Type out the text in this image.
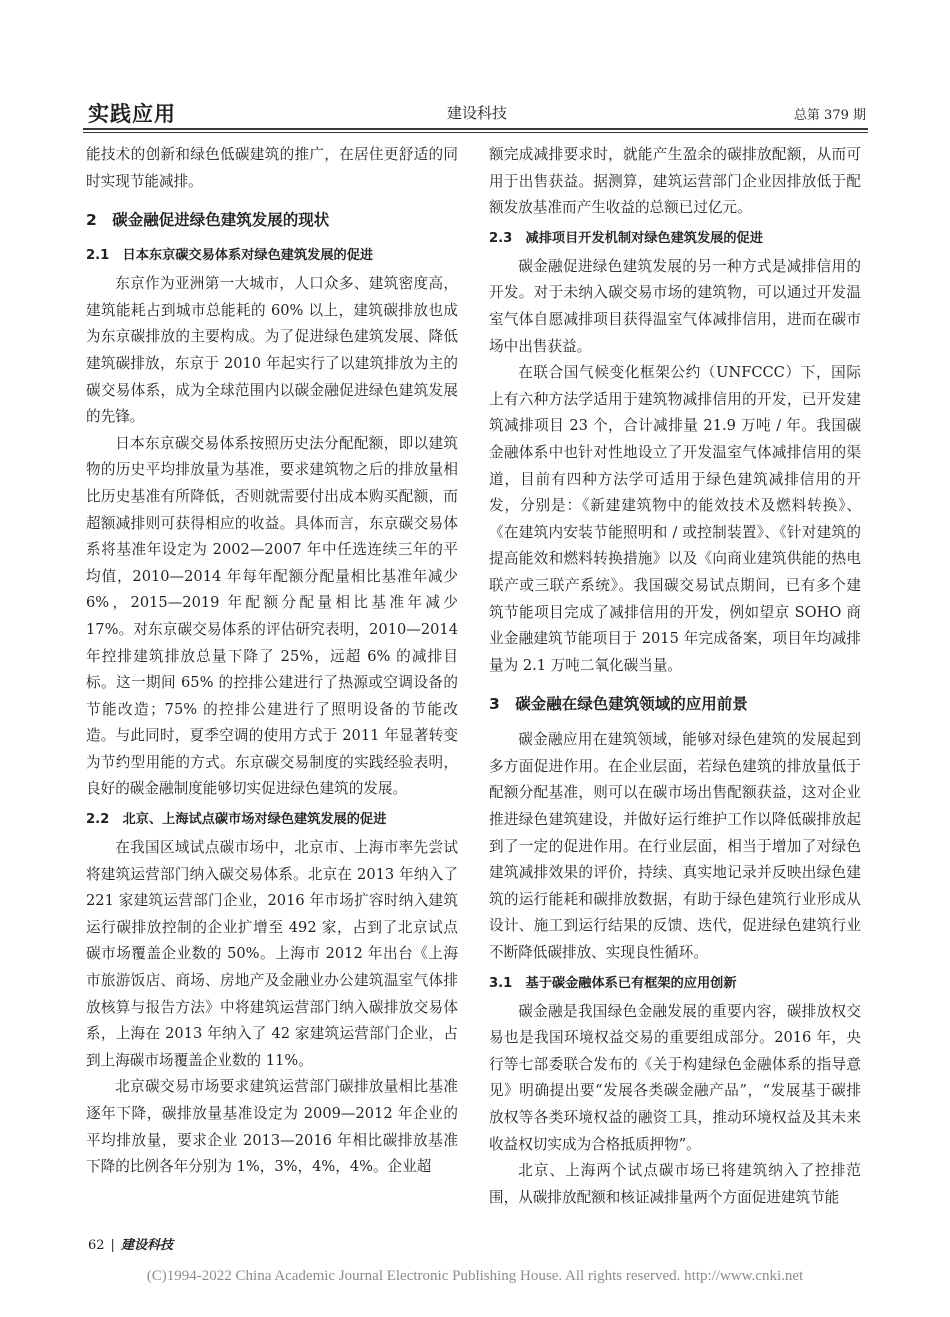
实践应用	建设科技	总第 379 期

能技术的创新和绿色低碳建筑的推广，在居住更舒适的同时实现节能减排。

2　碳金融促进绿色建筑发展的现状
2.1　日本东京碳交易体系对绿色建筑发展的促进

东京作为亚洲第一大城市，人口众多、建筑密度高，建筑能耗占到城市总能耗的 60% 以上，建筑碳排放也成为东京碳排放的主要构成。为了促进绿色建筑发展、降低建筑碳排放，东京于 2010 年起实行了以建筑排放为主的碳交易体系，成为全球范围内以碳金融促进绿色建筑发展的先锋。

日本东京碳交易体系按照历史法分配配额，即以建筑物的历史平均排放量为基准，要求建筑物之后的排放量相比历史基准有所降低，否则就需要付出成本购买配额，而超额减排则可获得相应的收益。具体而言，东京碳交易体系将基准年设定为 2002—2007 年中任选连续三年的平均值，2010—2014 年每年配额分配量相比基准年减少 6%，2015—2019 年配额分配量相比基准年减少 17%。对东京碳交易体系的评估研究表明，2010—2014 年控排建筑排放总量下降了 25%，远超 6% 的减排目标。这一期间 65% 的控排公建进行了热源或空调设备的节能改造；75% 的控排公建进行了照明设备的节能改造。与此同时，夏季空调的使用方式于 2011 年显著转变为节约型用能的方式。东京碳交易制度的实践经验表明，良好的碳金融制度能够切实促进绿色建筑的发展。

2.2　北京、上海试点碳市场对绿色建筑发展的促进

在我国区域试点碳市场中，北京市、上海市率先尝试将建筑运营部门纳入碳交易体系。北京在 2013 年纳入了 221 家建筑运营部门企业，2016 年市场扩容时纳入建筑运行碳排放控制的企业扩增至 492 家，占到了北京试点碳市场覆盖企业数的 50%。上海市 2012 年出台《上海市旅游饭店、商场、房地产及金融业办公建筑温室气体排放核算与报告方法》中将建筑运营部门纳入碳排放交易体系，上海在 2013 年纳入了 42 家建筑运营部门企业，占到上海碳市场覆盖企业数的 11%。

北京碳交易市场要求建筑运营部门碳排放量相比基准逐年下降，碳排放量基准设定为 2009—2012 年企业的平均排放量，要求企业 2013—2016 年相比碳排放基准下降的比例各年分别为 1%，3%，4%，4%。企业超

额完成减排要求时，就能产生盈余的碳排放配额，从而可用于出售获益。据测算，建筑运营部门企业因排放低于配额发放基准而产生收益的总额已过亿元。

2.3　减排项目开发机制对绿色建筑发展的促进

碳金融促进绿色建筑发展的另一种方式是减排信用的开发。对于未纳入碳交易市场的建筑物，可以通过开发温室气体自愿减排项目获得温室气体减排信用，进而在碳市场中出售获益。

在联合国气候变化框架公约（UNFCCC）下，国际上有六种方法学适用于建筑物减排信用的开发，已开发建筑减排项目 23 个，合计减排量 21.9 万吨 / 年。我国碳金融体系中也针对性地设立了开发温室气体减排信用的渠道，目前有四种方法学可适用于绿色建筑减排信用的开发，分别是：《新建建筑物中的能效技术及燃料转换》、《在建筑内安装节能照明和 / 或控制装置》、《针对建筑的提高能效和燃料转换措施》以及《向商业建筑供能的热电联产或三联产系统》。我国碳交易试点期间，已有多个建筑节能项目完成了减排信用的开发，例如望京 SOHO 商业金融建筑节能项目于 2015 年完成备案，项目年均减排量为 2.1 万吨二氧化碳当量。

3　碳金融在绿色建筑领域的应用前景

碳金融应用在建筑领域，能够对绿色建筑的发展起到多方面促进作用。在企业层面，若绿色建筑的排放量低于配额分配基准，则可以在碳市场出售配额获益，这对企业推进绿色建筑建设，并做好运行维护工作以降低碳排放起到了一定的促进作用。在行业层面，相当于增加了对绿色建筑减排效果的评价，持续、真实地记录并反映出绿色建筑的运行能耗和碳排放数据，有助于绿色建筑行业形成从设计、施工到运行结果的反馈、迭代，促进绿色建筑行业不断降低碳排放、实现良性循环。

3.1　基于碳金融体系已有框架的应用创新

碳金融是我国绿色金融发展的重要内容，碳排放权交易也是我国环境权益交易的重要组成部分。2016 年，央行等七部委联合发布的《关于构建绿色金融体系的指导意见》明确提出要“发展各类碳金融产品”，“发展基于碳排放权等各类环境权益的融资工具，推动环境权益及其未来收益权切实成为合格抵质押物”。

北京、上海两个试点碳市场已将建筑纳入了控排范围，从碳排放配额和核证减排量两个方面促进建筑节能

62 | 建设科技
(C)1994-2022 China Academic Journal Electronic Publishing House. All rights reserved. http://www.cnki.net
